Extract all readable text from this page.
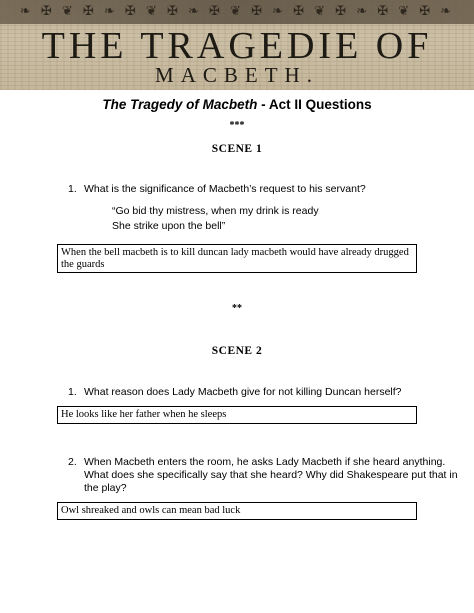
❧ ✠ ❦ ✠ ❧ ✠ ❦ ✠ ❧ ✠ ❦ ✠ ❧ ✠ ❦ ✠ ❧ ✠ ❦ ✠ ❧
THE TRAGEDIE OF
MACBETH.
The Tragedy of Macbeth - Act II Questions
***
SCENE 1
1. What is the significance of Macbeth’s request to his servant?
“Go bid thy mistress, when my drink is ready
She strike upon the bell”
When the bell macbeth is to kill duncan lady macbeth would have already drugged the guards
**
SCENE 2
1. What reason does Lady Macbeth give for not killing Duncan herself?
He looks like her father when he sleeps
2. When Macbeth enters the room, he asks Lady Macbeth if she heard anything.
What does she specifically say that she heard? Why did Shakespeare put that in
the play?
Owl shreaked and owls can mean bad luck
